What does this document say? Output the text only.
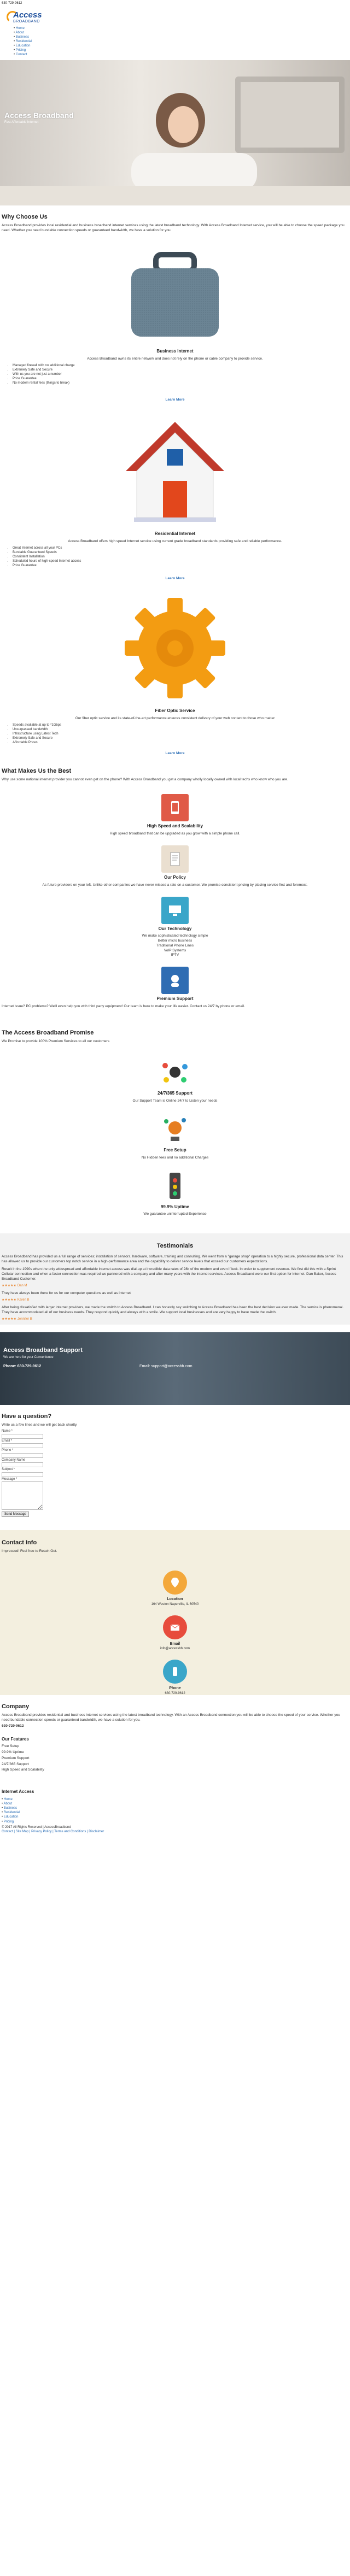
630-729-9612
Access
BROADBAND
• Home
• About
• Business
• Residential
• Education
• Pricing
• Contact
Access Broadband
Fast Affordable Internet
Why Choose Us

Access Broadband provides local residential and business broadband internet services using the latest broadband technology. With Access Broadband Internet service, you will be able to choose the speed package you need. Whether you need bundable connection speeds or guaranteed bandwidth, we have a solution for you.

Business Internet

Access Broadband owns its entire network and does not rely on the phone or cable company to provide service.

• Managed firewall with no additional charge
• Extremely Safe and Secure
• With us you are not just a number
• Price Guarantee
• No modem rental fees (things to break)
Learn More
Residential Internet

Access Broadband offers high speed Internet service using current grade broadband standards providing safe and reliable performance.

• Great Internet across all your PCs
• Bundable Guaranteed Speeds
• Consistent Installation
• Scheduled hours of high-speed Internet access
• Price Guarantee
Learn More
Fiber Optic Service

Our fiber optic service and its state-of-the-art performance ensures consistent delivery of your web content to those who matter

• Speeds available at up to *1Gbps
• Unsurpassed bandwidth
• Infrastructure using Latest Tech
• Extremely Safe and Secure
• Affordable Prices
Learn More
What Makes Us the Best

Why use some national internet provider you cannot even get on the phone? With Access Broadband you get a company wholly locally owned with local techs who know who you are.

High Speed and Scalability

High speed broadband that can be upgraded as you grow with a simple phone call.

Our Policy

As future providers on your left. Unlike other companies we have never missed a rate on a customer. We promise consistent pricing by placing service first and foremost.

Our Technology

We make sophisticated technology simple
Better micro business
Traditional Phone Lines
VoIP Systems
IPTV

Premium Support

Internet issue? PC problems? We'll even help you with third party equipment! Our team is here to make your life easier. Contact us 24/7 by phone or email.

The Access Broadband Promise

We Promise to provide 100% Premium Services to all our customers

24/7/365 Support

Our Support Team is Online 24/7 to Listen your needs

Free Setup

No Hidden fees and no additional Charges

99.9% Uptime

We guarantee uninterrupted Experience

Testimonials

Access Broadband has provided us a full range of services; installation of sensors, hardware, software, training and consulting. We went from a "garage shop" operation to a highly secure, professional data center. This has allowed us to provide our customers top notch service in a high-performance area and the capability to deliver service levels that exceed our customers expectations.

Result in the 1990s when the only widespread and affordable internet access was dial-up at incredible data rates of 28k of the modem and even if luck. In order to supplement revenue. We first did this with a Sprint Cellular connection and when a faster connection was required we partnered with a company and after many years with the internet services. Access Broadband were our first option for internet. Dan Baker, Access Broadband Customer.

★★★★★ Dan M

They have always been there for us for our computer questions as well as internet

★★★★★ Karen B

After being dissatisfied with larger internet providers, we made the switch to Access Broadband. I can honestly say switching to Access Broadband has been the best decision we ever made. The service is phenomenal. They have accommodated all of our business needs. They respond quickly and always with a smile. We support local businesses and are very happy to have made the switch.

★★★★★ Jennifer B
Access Broadband Support
We are here for your Convenience
Phone: 630-729-9612	Email: support@accessbb.com
Have a question?

Write us a few lines and we will get back shortly.

Name *
Email *
Phone *
Company Name
Subject *
Message *
Send Message
Contact Info

Impressed! Feel free to Reach Out.

Location
164 Weston Naperville, IL 60540
Email
info@accessbb.com
Phone
630-729-9612
Company

Access Broadband provides residential and business internet services using the latest broadband technology. With an Access Broadband connection you will be able to choose the speed of your service. Whether you need bundable connection speeds or guaranteed bandwidth, we have a solution for you.

630-729-9612

Our Features

Free Setup

99.9% Uptime

Premium Support

24/7/365 Support

High Speed and Scalability

Internet Access
• Home
• About
• Business
• Residential
• Education
• Pricing
© 2017 All Rights Reserved | AccessBroadband
Contact | Site Map | Privacy Policy | Terms and Conditions | Disclaimer
